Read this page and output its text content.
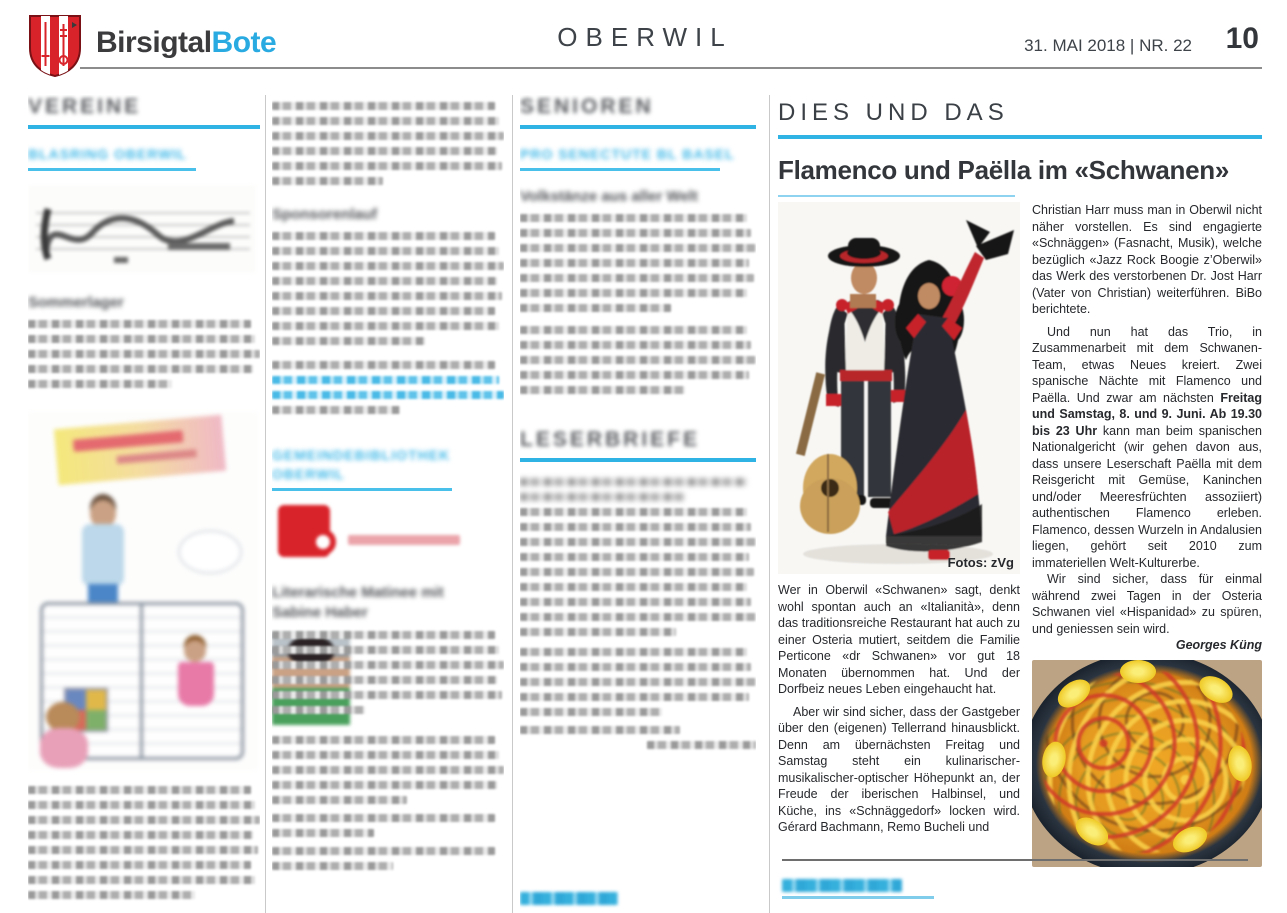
BirsigtalBote	OBERWIL	31. MAI 2018 | NR. 22 10
VEREINE
BLASRING OBERWIL
Sommerlager
Sponsorenlauf
GEMEINDEBIBLIOTHEK
OBERWIL
Literarische Matinee mit
Sabine Haber
SENIOREN
PRO SENECTUTE BL BASEL
Volkstänze aus aller Welt
LESERBRIEFE
DIES UND DAS
Flamenco und Paëlla im «Schwanen»
Fotos: zVg

Wer in Oberwil «Schwanen» sagt, denkt wohl spontan auch an «Italianità», denn das traditionsreiche Restaurant hat auch zu einer Osteria mutiert, seitdem die Familie Perticone «dr Schwanen» vor gut 18 Monaten übernommen hat. Und der Dorfbeiz neues Leben eingehaucht hat.

Aber wir sind sicher, dass der Gastgeber über den (eigenen) Tellerrand hinausblickt. Denn am übernächsten Freitag und Samstag steht ein kulinarischer-musikalischer-optischer Höhepunkt an, der Freude der iberischen Halbinsel, und Küche, ins «Schnäggedorf» locken wird. Gérard Bachmann, Remo Bucheli und

Christian Harr muss man in Oberwil nicht näher vorstellen. Es sind engagierte «Schnäggen» (Fasnacht, Musik), welche bezüglich «Jazz Rock Boogie z’Oberwil» das Werk des verstorbenen Dr. Jost Harr (Vater von Christian) weiterführen. BiBo berichtete.

Und nun hat das Trio, in Zusammenarbeit mit dem Schwanen-Team, etwas Neues kreiert. Zwei spanische Nächte mit Flamenco und Paëlla. Und zwar am nächsten Freitag und Samstag, 8. und 9. Juni. Ab 19.30 bis 23 Uhr kann man beim spanischen Nationalgericht (wir gehen davon aus, dass unsere Leserschaft Paëlla mit dem Reisgericht mit Gemüse, Kaninchen und/oder Meeresfrüchten assoziiert) authentischen Flamenco erleben. Flamenco, dessen Wurzeln in Andalusien liegen, gehört seit 2010 zum immateriellen Welt-Kulturerbe.

Wir sind sicher, dass für einmal während zwei Tagen in der Osteria Schwanen viel «Hispanidad» zu spüren, und geniessen sein wird.
Georges Küng
